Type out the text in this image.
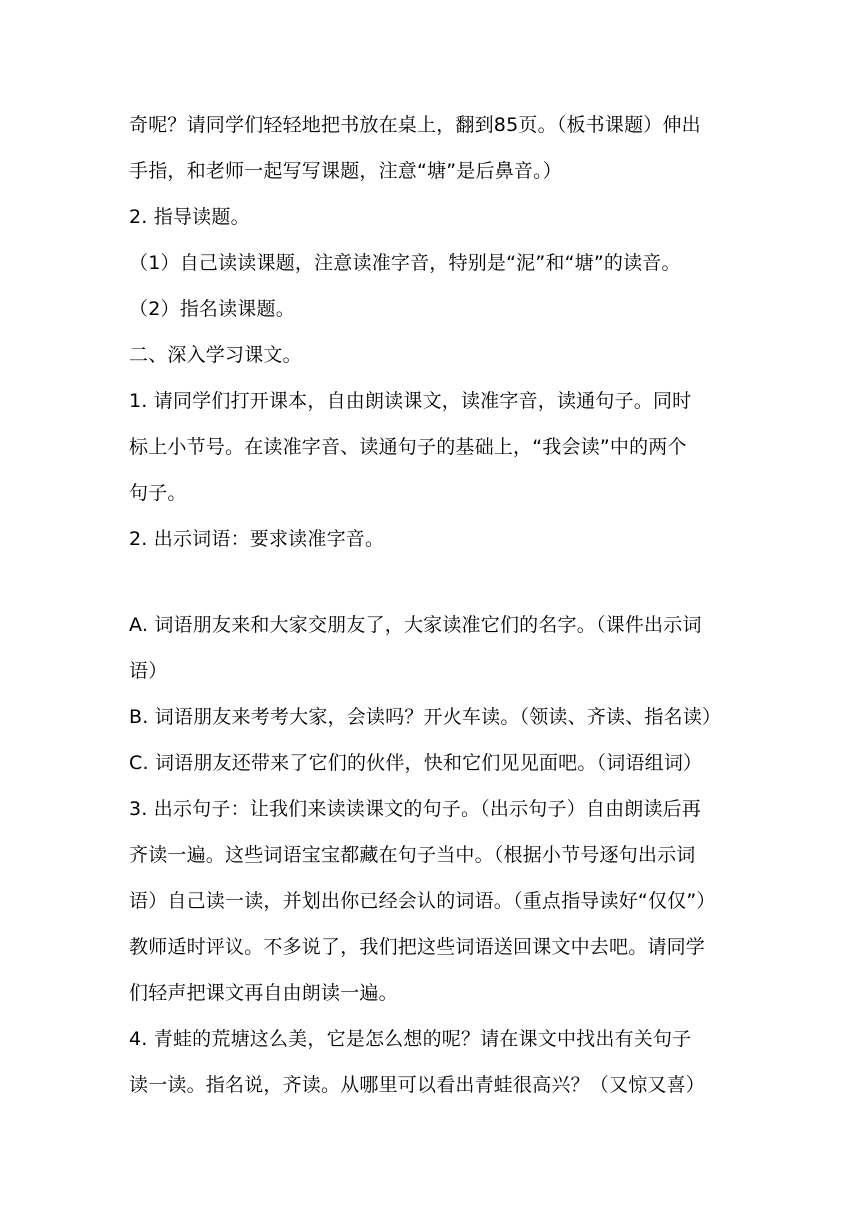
奇呢？请同学们轻轻地把书放在桌上，翻到85页。（板书课题）伸出
手指，和老师一起写写课题，注意“塘”是后鼻音。）
2. 指导读题。
（1）自己读读课题，注意读准字音，特别是“泥”和“塘”的读音。
（2）指名读课题。
二、深入学习课文。
1. 请同学们打开课本，自由朗读课文，读准字音，读通句子。同时
标上小节号。在读准字音、读通句子的基础上，“我会读”中的两个
句子。
2. 出示词语：要求读准字音。
A. 词语朋友来和大家交朋友了，大家读准它们的名字。（课件出示词
语）
B. 词语朋友来考考大家，会读吗？开火车读。（领读、齐读、指名读）
C. 词语朋友还带来了它们的伙伴，快和它们见见面吧。（词语组词）
3. 出示句子：让我们来读读课文的句子。（出示句子）自由朗读后再
齐读一遍。这些词语宝宝都藏在句子当中。（根据小节号逐句出示词
语）自己读一读，并划出你已经会认的词语。（重点指导读好“仅仅”）
教师适时评议。不多说了，我们把这些词语送回课文中去吧。请同学
们轻声把课文再自由朗读一遍。
4. 青蛙的荒塘这么美，它是怎么想的呢？请在课文中找出有关句子
读一读。指名说，齐读。从哪里可以看出青蛙很高兴？（又惊又喜）
